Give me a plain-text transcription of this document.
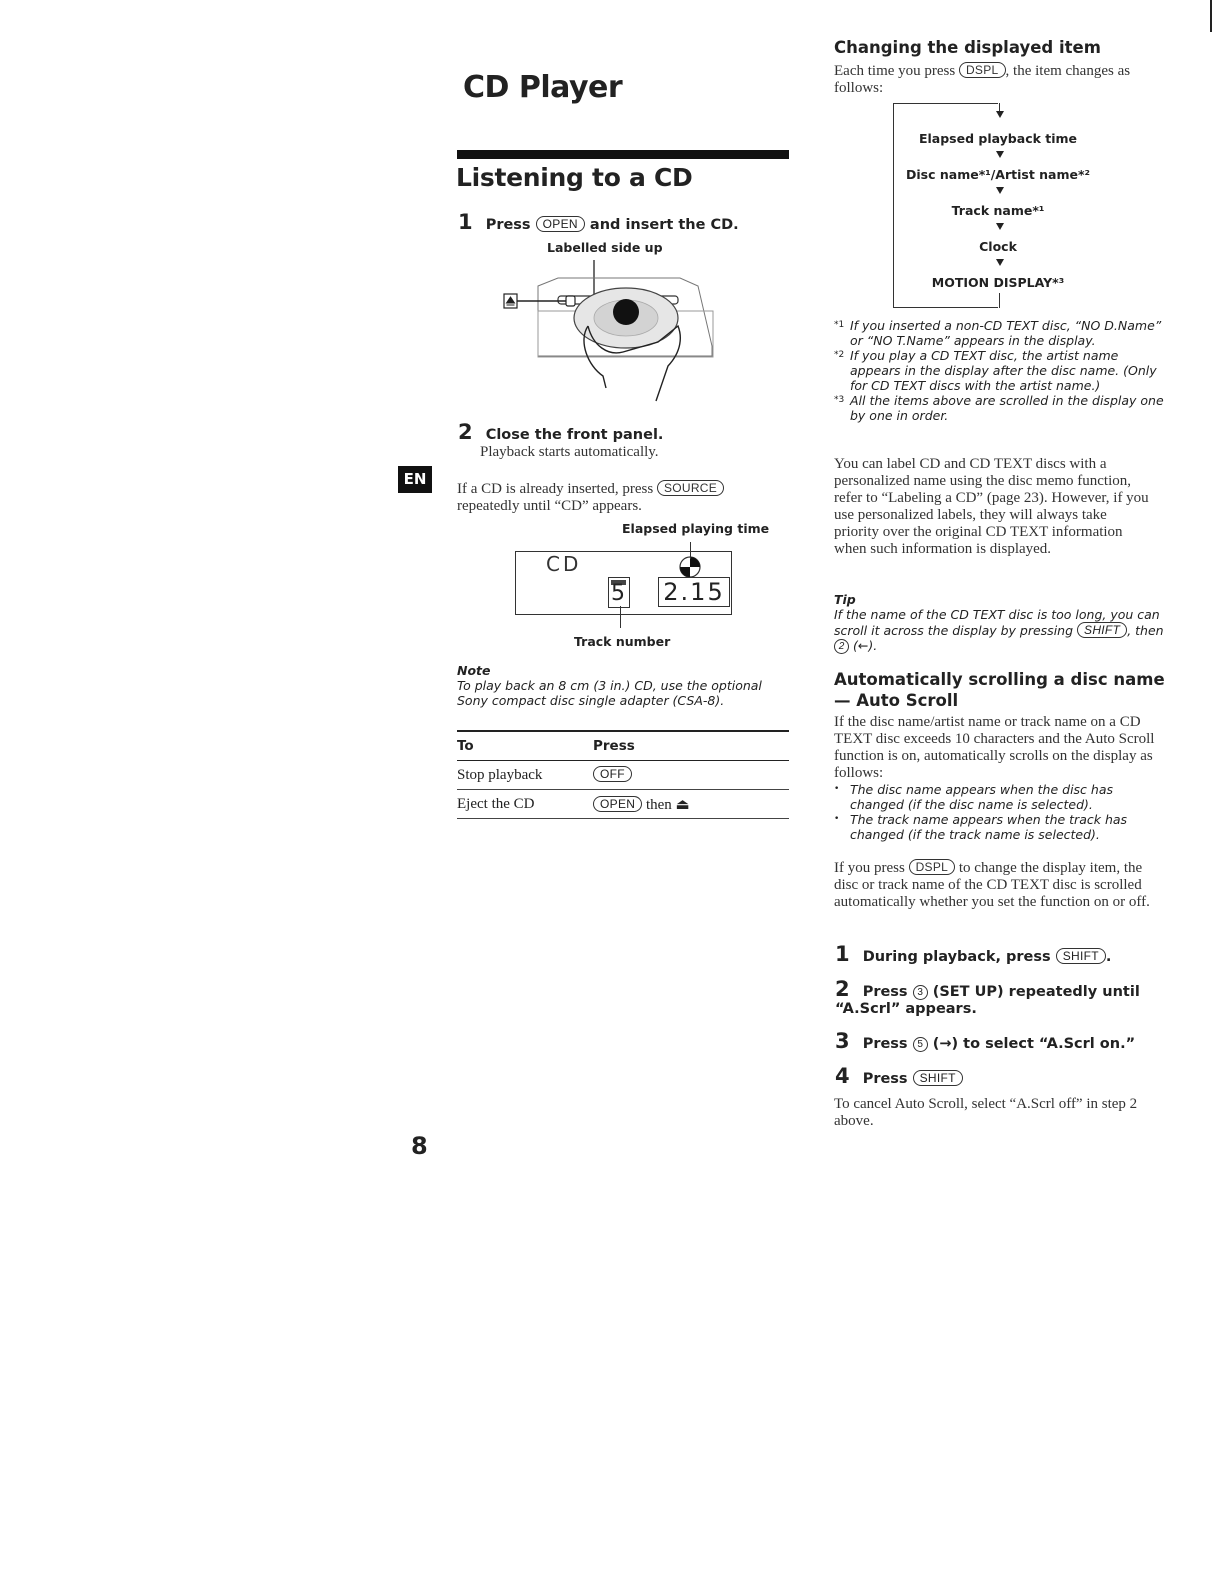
CD Player
Listening to a CD
1 Press OPEN and insert the CD.
Labelled side up
2 Close the front panel.
Playback starts automatically.
EN
If a CD is already inserted, press SOURCE repeatedly until “CD” appears.
Elapsed playing time
CD
5 2.15
Track number
Note
To play back an 8 cm (3 in.) CD, use the optional Sony compact disc single adapter (CSA-8).
To	Press
Stop playback	OFF
Eject the CD	OPEN then ⏏
8
Changing the displayed item
Each time you press DSPL , the item changes as follows:
Elapsed playback time
Disc name*¹/Artist name*²
Track name*¹
Clock
MOTION DISPLAY*³
*1 If you inserted a non-CD TEXT disc, “NO D.Name” or “NO T.Name” appears in the display.
*2 If you play a CD TEXT disc, the artist name appears in the display after the disc name. (Only for CD TEXT discs with the artist name.)
*3 All the items above are scrolled in the display one by one in order.
You can label CD and CD TEXT discs with a personalized name using the disc memo function, refer to “Labeling a CD” (page 23). However, if you use personalized labels, they will always take priority over the original CD TEXT information when such information is displayed.
Tip
If the name of the CD TEXT disc is too long, you can scroll it across the display by pressing SHIFT , then 2 (←).
Automatically scrolling a disc name
— Auto Scroll
If the disc name/artist name or track name on a CD TEXT disc exceeds 10 characters and the Auto Scroll function is on, automatically scrolls on the display as follows:
• The disc name appears when the disc has changed (if the disc name is selected).
• The track name appears when the track has changed (if the track name is selected).
If you press DSPL to change the display item, the disc or track name of the CD TEXT disc is scrolled automatically whether you set the function on or off.
1 During playback, press SHIFT .
2 Press 3 (SET UP) repeatedly until “A.Scrl” appears.
3 Press 5 (→) to select “A.Scrl on.”
4 Press SHIFT
To cancel Auto Scroll, select “A.Scrl off” in step 2 above.
